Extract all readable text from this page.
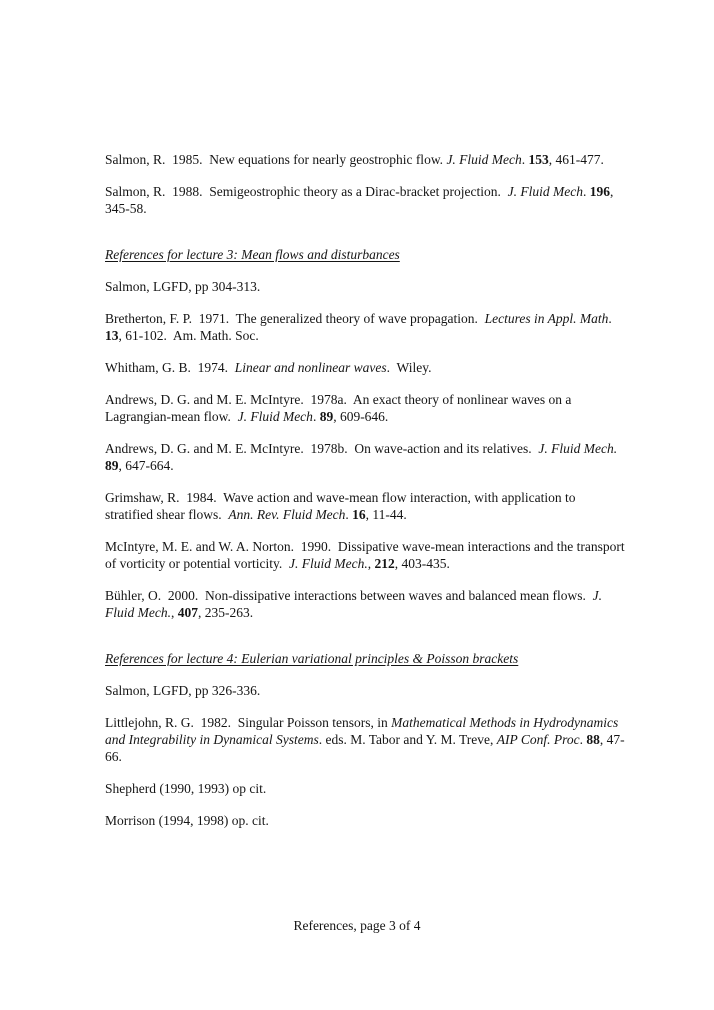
Salmon, R.  1985.  New equations for nearly geostrophic flow. J. Fluid Mech. 153, 461-477.

Salmon, R.  1988.  Semigeostrophic theory as a Dirac-bracket projection.  J. Fluid Mech. 196, 345-58.

References for lecture 3: Mean flows and disturbances

Salmon, LGFD, pp 304-313.

Bretherton, F. P.  1971.  The generalized theory of wave propagation.  Lectures in Appl. Math. 13, 61-102.  Am. Math. Soc.

Whitham, G. B.  1974.  Linear and nonlinear waves.  Wiley.

Andrews, D. G. and M. E. McIntyre.  1978a.  An exact theory of nonlinear waves on a Lagrangian-mean flow.  J. Fluid Mech. 89, 609-646.

Andrews, D. G. and M. E. McIntyre.  1978b.  On wave-action and its relatives.  J. Fluid Mech. 89, 647-664.

Grimshaw, R.  1984.  Wave action and wave-mean flow interaction, with application to stratified shear flows.  Ann. Rev. Fluid Mech. 16, 11-44.

McIntyre, M. E. and W. A. Norton.  1990.  Dissipative wave-mean interactions and the transport of vorticity or potential vorticity.  J. Fluid Mech., 212, 403-435.

Bühler, O.  2000.  Non-dissipative interactions between waves and balanced mean flows.  J. Fluid Mech., 407, 235-263.

References for lecture 4: Eulerian variational principles & Poisson brackets

Salmon, LGFD, pp 326-336.

Littlejohn, R. G.  1982.  Singular Poisson tensors, in Mathematical Methods in Hydrodynamics and Integrability in Dynamical Systems. eds. M. Tabor and Y. M. Treve, AIP Conf. Proc. 88, 47-66.

Shepherd (1990, 1993) op cit.

Morrison (1994, 1998) op. cit.

References, page 3 of 4
